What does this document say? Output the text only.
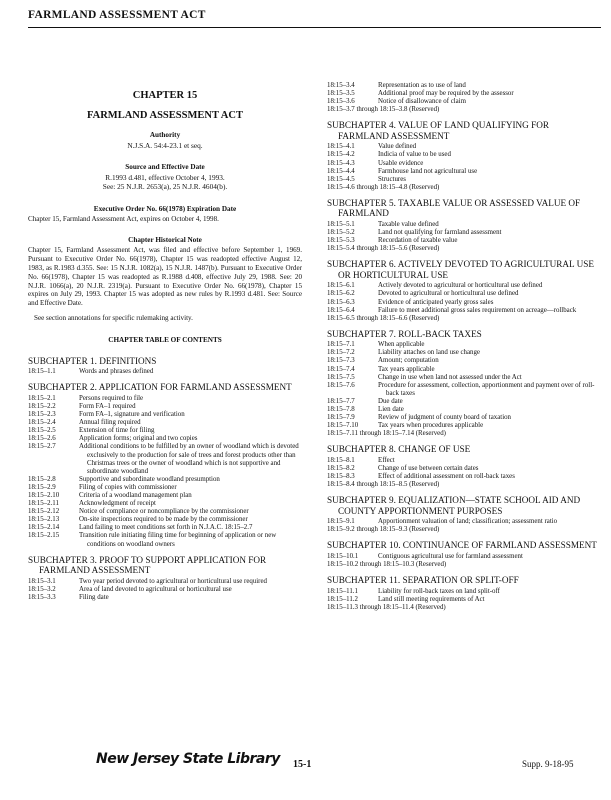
FARMLAND ASSESSMENT ACT

CHAPTER 15

FARMLAND ASSESSMENT ACT

Authority

N.J.S.A. 54:4-23.1 et seq.

Source and Effective Date

R.1993 d.481, effective October 4, 1993.

See: 25 N.J.R. 2653(a), 25 N.J.R. 4604(b).

Executive Order No. 66(1978) Expiration Date

Chapter 15, Farmland Assessment Act, expires on October 4, 1998.

Chapter Historical Note

Chapter 15, Farmland Assessment Act, was filed and effective before September 1, 1969. Pursuant to Executive Order No. 66(1978), Chapter 15 was readopted effective August 12, 1983, as R.1983 d.355. See: 15 N.J.R. 1082(a), 15 N.J.R. 1487(b). Pursuant to Executive Order No. 66(1978), Chapter 15 was readopted as R.1988 d.408, effective July 29, 1988. See: 20 N.J.R. 1066(a), 20 N.J.R. 2319(a). Pursuant to Executive Order No. 66(1978), Chapter 15 expires on July 29, 1993. Chapter 15 was adopted as new rules by R.1993 d.481. See: Source and Effective Date.

See section annotations for specific rulemaking activity.

CHAPTER TABLE OF CONTENTS

SUBCHAPTER 1. DEFINITIONS
18:15–1.1	Words and phrases defined
SUBCHAPTER 2. APPLICATION FOR FARMLAND ASSESSMENT
18:15–2.1	Persons required to file
18:15–2.2	Form FA–1 required
18:15–2.3	Form FA–1, signature and verification
18:15–2.4	Annual filing required
18:15–2.5	Extension of time for filing
18:15–2.6	Application forms; original and two copies
18:15–2.7	Additional conditions to be fulfilled by an owner of woodland which is devoted exclusively to the production for sale of trees and forest products other than Christmas trees or the owner of woodland which is not supportive and subordinate woodland
18:15–2.8	Supportive and subordinate woodland presumption
18:15–2.9	Filing of copies with commissioner
18:15–2.10	Criteria of a woodland management plan
18:15–2.11	Acknowledgment of receipt
18:15–2.12	Notice of compliance or noncompliance by the commissioner
18:15–2.13	On-site inspections required to be made by the commissioner
18:15–2.14	Land failing to meet conditions set forth in N.J.A.C. 18:15–2.7
18:15–2.15	Transition rule initiating filing time for beginning of application or new conditions on woodland owners
SUBCHAPTER 3. PROOF TO SUPPORT APPLICATION FOR FARMLAND ASSESSMENT
18:15–3.1	Two year period devoted to agricultural or horticultural use required
18:15–3.2	Area of land devoted to agricultural or horticultural use
18:15–3.3	Filing date
18:15–3.4	Representation as to use of land
18:15–3.5	Additional proof may be required by the assessor
18:15–3.6	Notice of disallowance of claim
18:15–3.7 through 18:15–3.8 (Reserved)
SUBCHAPTER 4. VALUE OF LAND QUALIFYING FOR FARMLAND ASSESSMENT
18:15–4.1	Value defined
18:15–4.2	Indicia of value to be used
18:15–4.3	Usable evidence
18:15–4.4	Farmhouse land not agricultural use
18:15–4.5	Structures
18:15–4.6 through 18:15–4.8 (Reserved)
SUBCHAPTER 5. TAXABLE VALUE OR ASSESSED VALUE OF FARMLAND
18:15–5.1	Taxable value defined
18:15–5.2	Land not qualifying for farmland assessment
18:15–5.3	Recordation of taxable value
18:15–5.4 through 18:15–5.6 (Reserved)
SUBCHAPTER 6. ACTIVELY DEVOTED TO AGRICULTURAL USE OR HORTICULTURAL USE
18:15–6.1	Actively devoted to agricultural or horticultural use defined
18:15–6.2	Devoted to agricultural or horticultural use defined
18:15–6.3	Evidence of anticipated yearly gross sales
18:15–6.4	Failure to meet additional gross sales requirement on acreage—rollback
18:15–6.5 through 18:15–6.6 (Reserved)
SUBCHAPTER 7. ROLL-BACK TAXES
18:15–7.1	When applicable
18:15–7.2	Liability attaches on land use change
18:15–7.3	Amount; computation
18:15–7.4	Tax years applicable
18:15–7.5	Change in use when land not assessed under the Act
18:15–7.6	Procedure for assessment, collection, apportionment and payment over of roll-back taxes
18:15–7.7	Due date
18:15–7.8	Lien date
18:15–7.9	Review of judgment of county board of taxation
18:15–7.10	Tax years when procedures applicable
18:15–7.11 through 18:15–7.14 (Reserved)
SUBCHAPTER 8. CHANGE OF USE
18:15–8.1	Effect
18:15–8.2	Change of use between certain dates
18:15–8.3	Effect of additional assessment on roll-back taxes
18:15–8.4 through 18:15–8.5 (Reserved)
SUBCHAPTER 9. EQUALIZATION—STATE SCHOOL AID AND COUNTY APPORTIONMENT PURPOSES
18:15–9.1	Apportionment valuation of land; classification; assessment ratio
18:15–9.2 through 18:15–9.3 (Reserved)
SUBCHAPTER 10. CONTINUANCE OF FARMLAND ASSESSMENT
18:15–10.1	Contiguous agricultural use for farmland assessment
18:15–10.2 through 18:15–10.3 (Reserved)
SUBCHAPTER 11. SEPARATION OR SPLIT-OFF
18:15–11.1	Liability for roll-back taxes on land split-off
18:15–11.2	Land still meeting requirements of Act
18:15–11.3 through 18:15–11.4 (Reserved)
New Jersey State Library 15-1	Supp. 9-18-95
